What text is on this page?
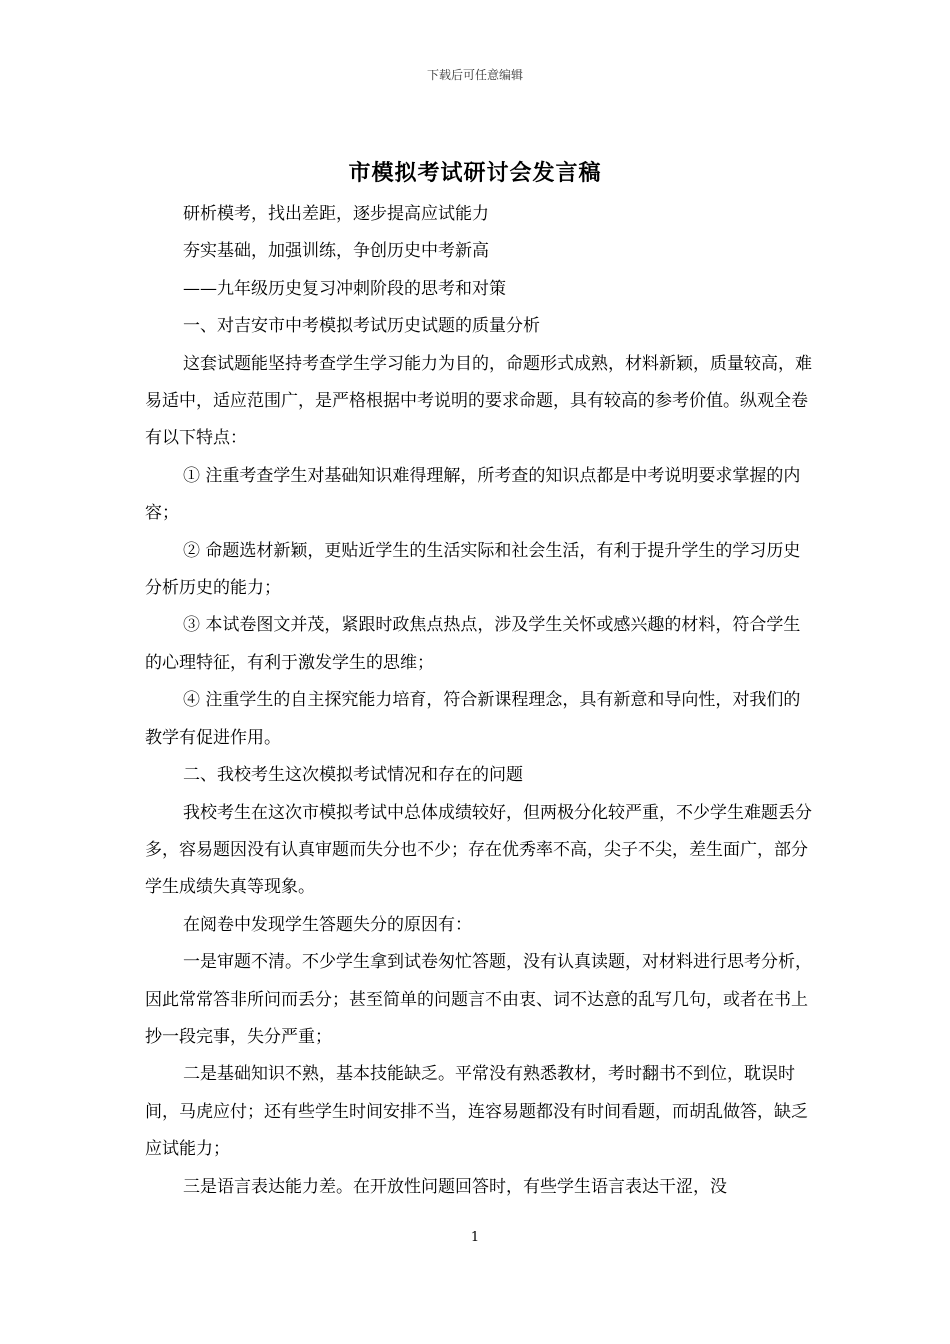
下载后可任意编辑
市模拟考试研讨会发言稿

研析模考，找出差距，逐步提高应试能力

夯实基础，加强训练，争创历史中考新高

——九年级历史复习冲刺阶段的思考和对策

一、对吉安市中考模拟考试历史试题的质量分析

这套试题能坚持考查学生学习能力为目的，命题形式成熟，材料新颖，质量较高，难易适中，适应范围广，是严格根据中考说明的要求命题，具有较高的参考价值。纵观全卷有以下特点：

① 注重考查学生对基础知识难得理解，所考查的知识点都是中考说明要求掌握的内容；

② 命题选材新颖，更贴近学生的生活实际和社会生活，有利于提升学生的学习历史分析历史的能力；

③ 本试卷图文并茂，紧跟时政焦点热点，涉及学生关怀或感兴趣的材料，符合学生的心理特征，有利于激发学生的思维；

④ 注重学生的自主探究能力培育，符合新课程理念，具有新意和导向性，对我们的教学有促进作用。

二、我校考生这次模拟考试情况和存在的问题

我校考生在这次市模拟考试中总体成绩较好，但两极分化较严重，不少学生难题丢分多，容易题因没有认真审题而失分也不少；存在优秀率不高，尖子不尖，差生面广，部分学生成绩失真等现象。

在阅卷中发现学生答题失分的原因有：

一是审题不清。不少学生拿到试卷匆忙答题，没有认真读题，对材料进行思考分析，因此常常答非所问而丢分；甚至简单的问题言不由衷、词不达意的乱写几句，或者在书上抄一段完事，失分严重；

二是基础知识不熟，基本技能缺乏。平常没有熟悉教材，考时翻书不到位，耽误时间，马虎应付；还有些学生时间安排不当，连容易题都没有时间看题，而胡乱做答，缺乏应试能力；

三是语言表达能力差。在开放性问题回答时，有些学生语言表达干涩，没

1
